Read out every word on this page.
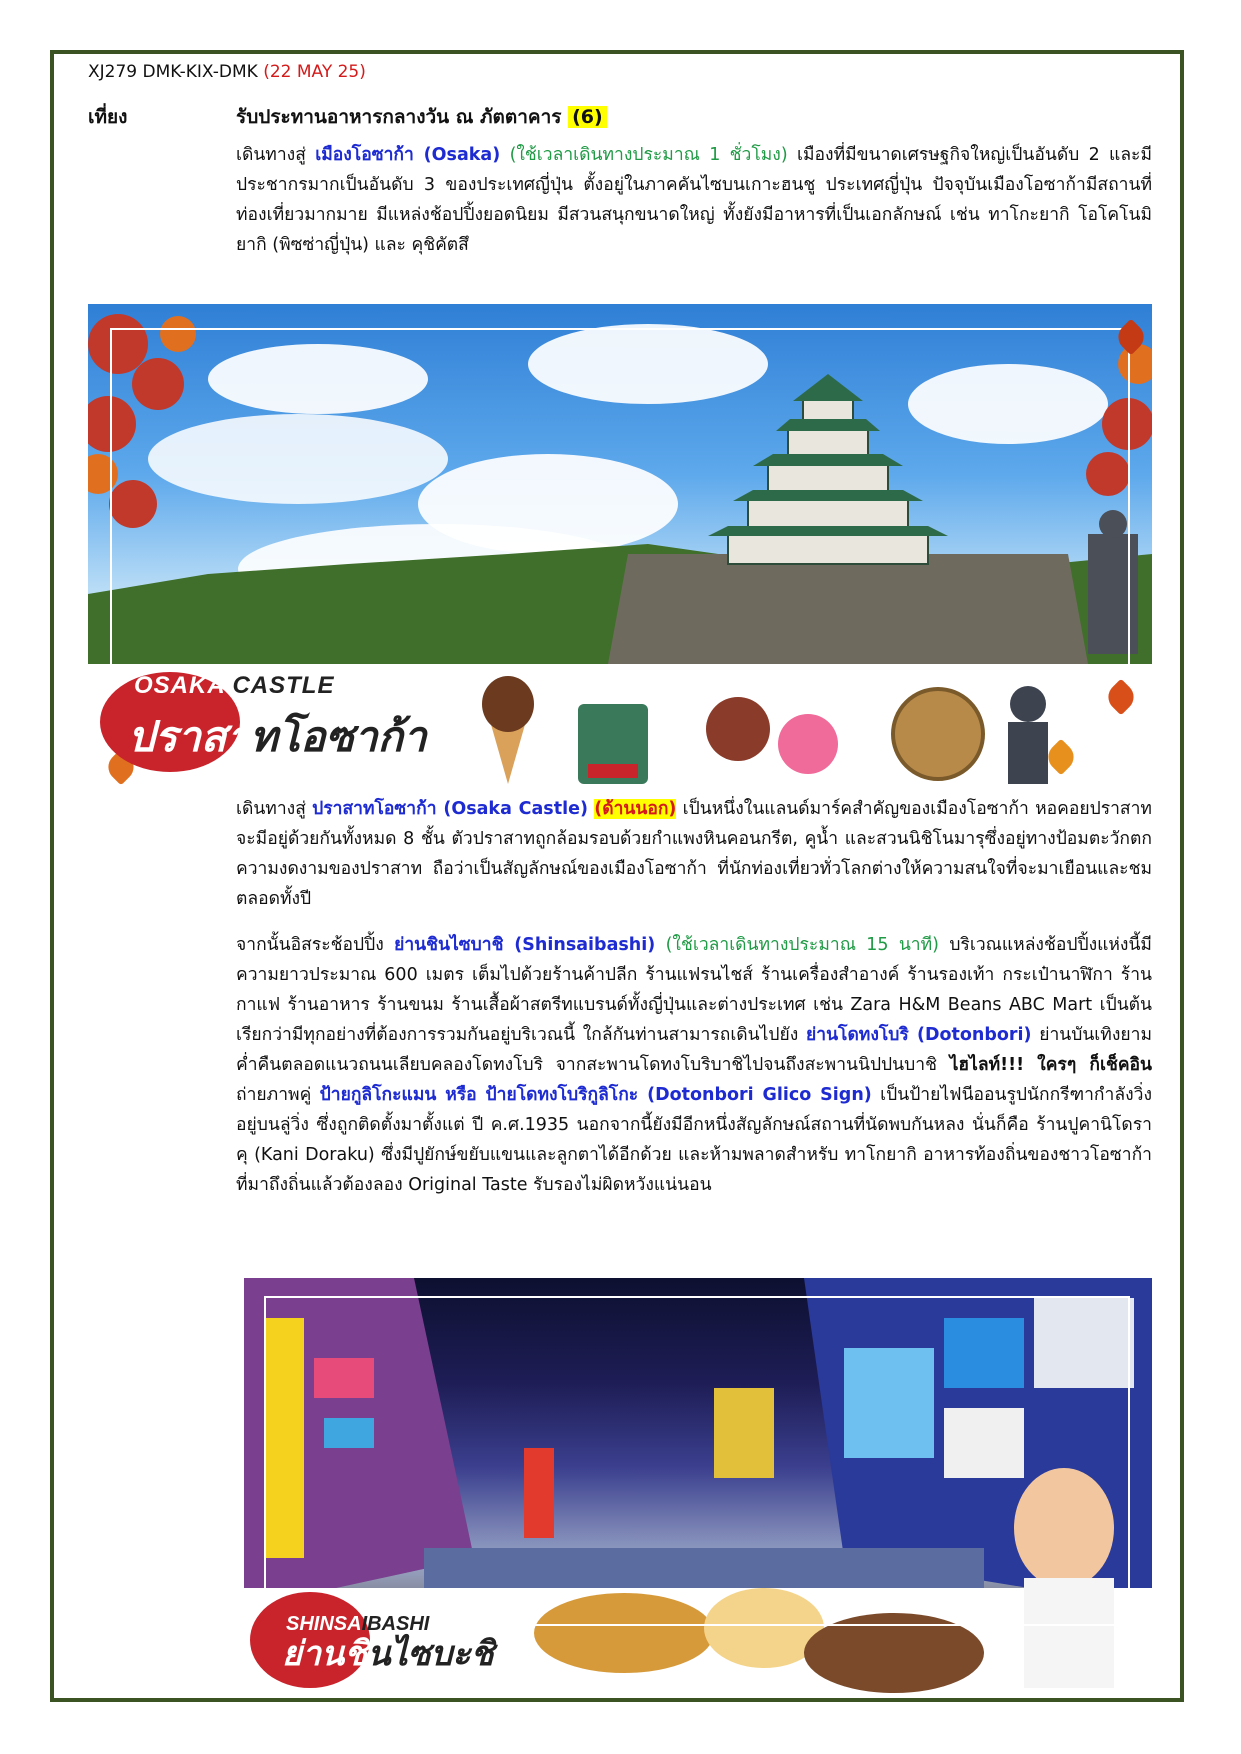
XJ279 DMK-KIX-DMK (22 MAY 25)
เที่ยง	รับประทานอาหารกลางวัน ณ ภัตตาคาร (6)

เดินทางสู่ เมืองโอซาก้า (Osaka) (ใช้เวลาเดินทางประมาณ 1 ชั่วโมง) เมืองที่มีขนาดเศรษฐกิจใหญ่เป็นอันดับ 2 และมีประชากรมากเป็นอันดับ 3 ของประเทศญี่ปุ่น ตั้งอยู่ในภาคคันไซบนเกาะฮนชู ประเทศญี่ปุ่น ปัจจุบันเมืองโอซาก้ามีสถานที่ท่องเที่ยวมากมาย มีแหล่งช้อปปิ้งยอดนิยม มีสวนสนุกขนาดใหญ่ ทั้งยังมีอาหารที่เป็นเอกลักษณ์ เช่น ทาโกะยากิ โอโคโนมิยากิ (พิซซ่าญี่ปุ่น) และ คุชิคัตสึ

OSAKA CASTLE
ปราสาทโอซาก้า

เดินทางสู่ ปราสาทโอซาก้า (Osaka Castle) (ด้านนอก) เป็นหนึ่งในแลนด์มาร์คสำคัญของเมืองโอซาก้า หอคอยปราสาทจะมีอยู่ด้วยกันทั้งหมด 8 ชั้น ตัวปราสาทถูกล้อมรอบด้วยกำแพงหินคอนกรีต, คูน้ำ และสวนนิชิโนมารุซึ่งอยู่ทางป้อมตะวักตก ความงดงามของปราสาท ถือว่าเป็นสัญลักษณ์ของเมืองโอซาก้า ที่นักท่องเที่ยวทั่วโลกต่างให้ความสนใจที่จะมาเยือนและชมตลอดทั้งปี

จากนั้นอิสระช้อปปิ้ง ย่านชินไซบาชิ (Shinsaibashi) (ใช้เวลาเดินทางประมาณ 15 นาที) บริเวณแหล่งช้อปปิ้งแห่งนี้มีความยาวประมาณ 600 เมตร เต็มไปด้วยร้านค้าปลีก ร้านแฟรนไชส์ ร้านเครื่องสำอางค์ ร้านรองเท้า กระเป๋านาฬิกา ร้านกาแฟ ร้านอาหาร ร้านขนม ร้านเสื้อผ้าสตรีทแบรนด์ทั้งญี่ปุ่นและต่างประเทศ เช่น Zara H&M Beans ABC Mart เป็นต้น เรียกว่ามีทุกอย่างที่ต้องการรวมกันอยู่บริเวณนี้ ใกล้กันท่านสามารถเดินไปยัง ย่านโดทงโบริ (Dotonbori) ย่านบันเทิงยามค่ำคืนตลอดแนวถนนเลียบคลองโดทงโบริ จากสะพานโดทงโบริบาชิไปจนถึงสะพานนิปปนบาชิ ไฮไลท์!!! ใครๆ ก็เช็คอิน ถ่ายภาพคู่ ป้ายกูลิโกะแมน หรือ ป้ายโดทงโบริกูลิโกะ (Dotonbori Glico Sign) เป็นป้ายไฟนีออนรูปนักกรีฑากำลังวิ่งอยู่บนลู่วิ่ง ซึ่งถูกติดตั้งมาตั้งแต่ ปี ค.ศ.1935 นอกจากนี้ยังมีอีกหนึ่งสัญลักษณ์สถานที่นัดพบกันหลง นั่นก็คือ ร้านปูคานิโดราคุ (Kani Doraku) ซึ่งมีปูยักษ์ขยับแขนและลูกตาได้อีกด้วย และห้ามพลาดสำหรับ ทาโกยากิ อาหารท้องถิ่นของชาวโอซาก้า ที่มาถึงถิ่นแล้วต้องลอง Original Taste รับรองไม่ผิดหวังแน่นอน

SHINSAIBASHI
ย่านชินไซบะชิ
